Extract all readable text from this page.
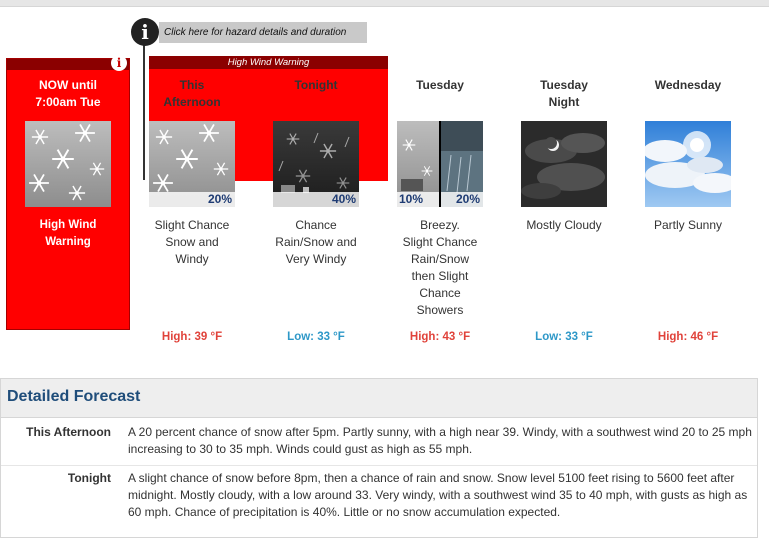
i	Click here for hazard details and duration
High Wind Warning
i
NOW until
7:00am Tue
High Wind
Warning
This
Afternoon
20%
Slight Chance
Snow and
Windy
High: 39 °F
Tonight
40%
Chance
Rain/Snow and
Very Windy
Low: 33 °F
Tuesday
10%	20%
Breezy.
Slight Chance
Rain/Snow
then Slight
Chance
Showers
High: 43 °F
Tuesday
Night
Mostly Cloudy
Low: 33 °F
Wednesday
Partly Sunny
High: 46 °F
Detailed Forecast
This Afternoon A 20 percent chance of snow after 5pm. Partly sunny, with a high near 39. Windy, with a southwest wind 20 to 25 mph increasing to 30 to 35 mph. Winds could gust as high as 55 mph.
Tonight A slight chance of snow before 8pm, then a chance of rain and snow. Snow level 5100 feet rising to 5600 feet after midnight. Mostly cloudy, with a low around 33. Very windy, with a southwest wind 35 to 40 mph, with gusts as high as 60 mph. Chance of precipitation is 40%. Little or no snow accumulation expected.
